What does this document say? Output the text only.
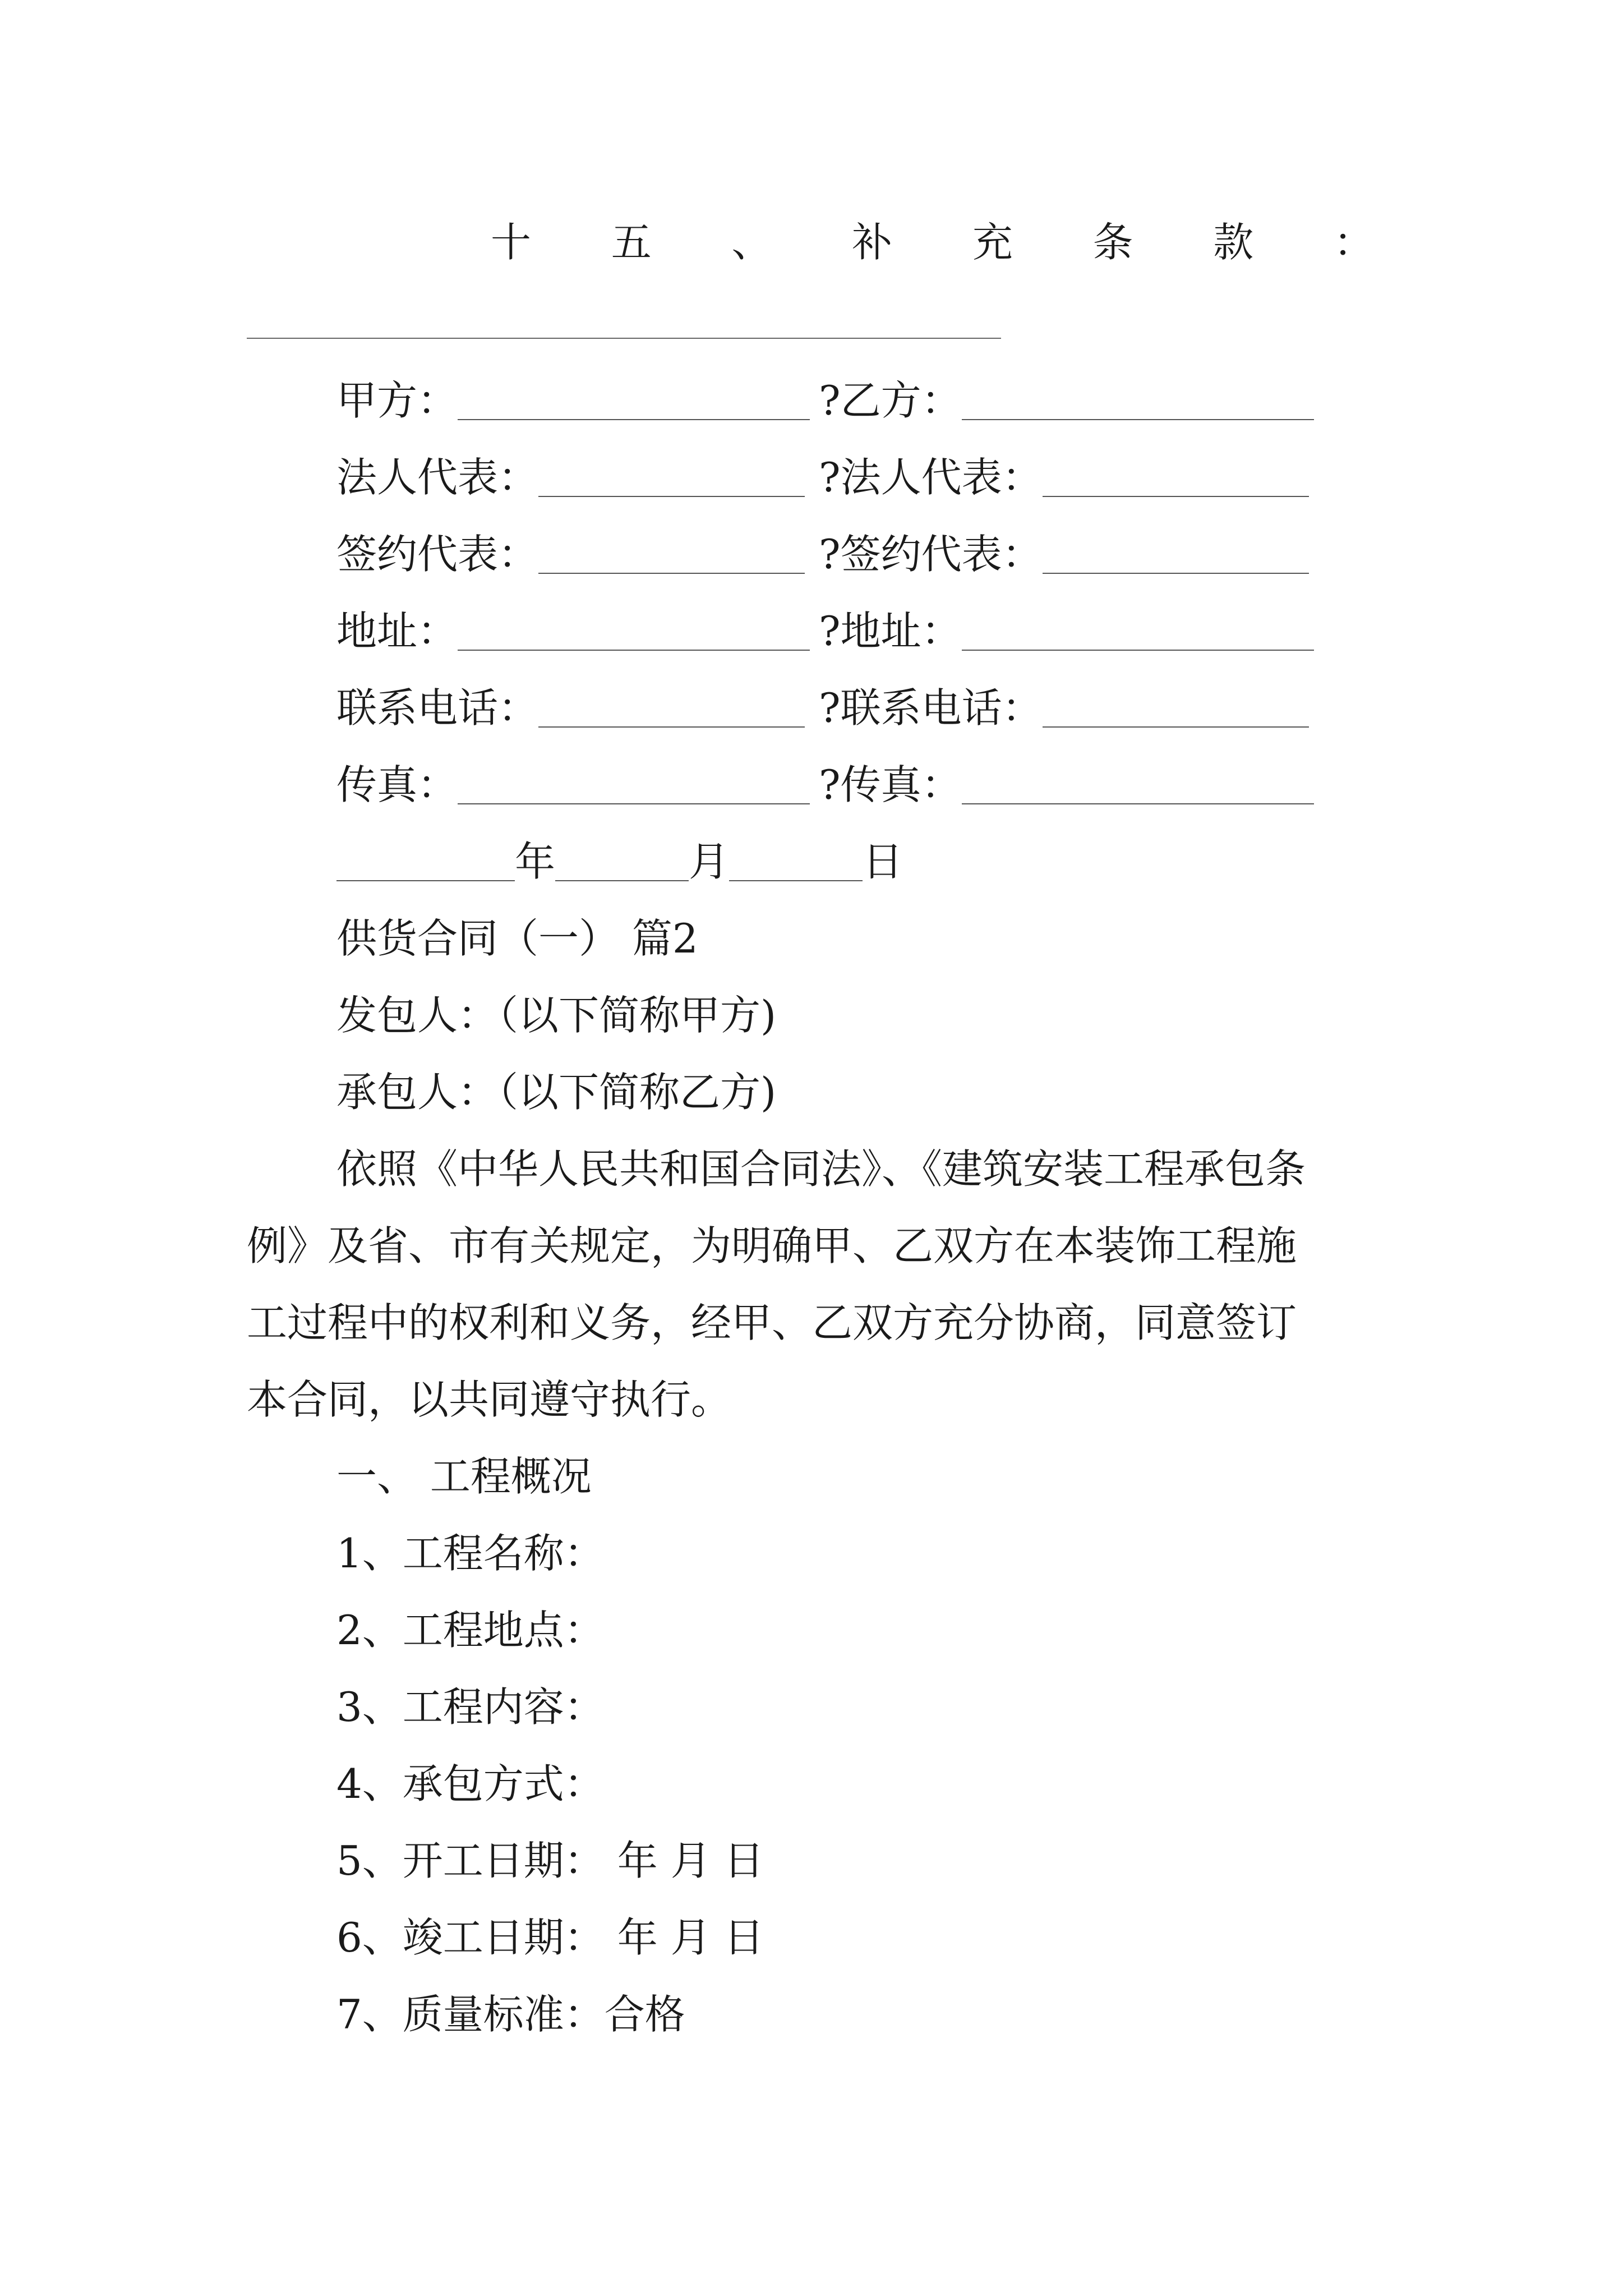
十 五 、 补 充 条 款 ：
甲方：
法人代表：
签约代表：
地址：
联系电话：
传真：
?乙方：
?法人代表：
?签约代表：
?地址：
?联系电话：
?传真：
年	月	日
供货合同（一） 篇2
发包人：（以下简称甲方)
承包人：（以下简称乙方)
依照《中华人民共和国合同法》、《建筑安装工程承包条
例》及省、市有关规定，为明确甲、乙双方在本装饰工程施
工过程中的权利和义务，经甲、乙双方充分协商，同意签订
本合同，以共同遵守执行。
一、 工程概况
1、工程名称：
2、工程地点：
3、工程内容：
4、承包方式：
5、开工日期： 年 月 日
6、竣工日期： 年 月 日
7、质量标准：合格
